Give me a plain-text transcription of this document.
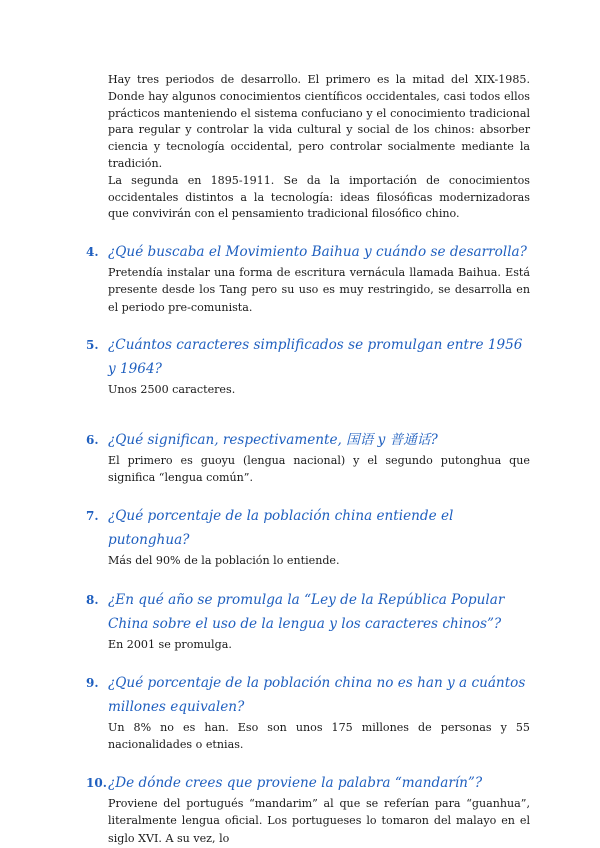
Hay tres periodos de desarrollo. El primero es la mitad del XIX-1985. Donde hay algunos conocimientos científicos occidentales, casi todos ellos prácticos manteniendo el sistema confuciano y el conocimiento tradicional para regular y controlar la vida cultural y social de los chinos: absorber ciencia y tecnología occidental, pero controlar socialmente mediante la tradición.

La segunda en 1895-1911. Se da la importación de conocimientos occidentales distintos a la tecnología: ideas filosóficas modernizadoras que convivirán con el pensamiento tradicional filosófico chino.

4. ¿Qué buscaba el Movimiento Baihua y cuándo se desarrolla?

Pretendía instalar una forma de escritura vernácula llamada Baihua. Está presente desde los Tang pero su uso es muy restringido, se desarrolla en el periodo pre-comunista.

5. ¿Cuántos caracteres simplificados se promulgan entre 1956 y 1964?

Unos 2500 caracteres.

6. ¿Qué significan, respectivamente, 国语 y 普通话?

El primero es guoyu (lengua nacional) y el segundo putonghua que significa “lengua común”.

7. ¿Qué porcentaje de la población china entiende el putonghua?

Más del 90% de la población lo entiende.

8. ¿En qué año se promulga la “Ley de la República Popular China sobre el uso de la lengua y los caracteres chinos”?

En 2001 se promulga.

9. ¿Qué porcentaje de la población china no es han y a cuántos millones equivalen?

Un 8% no es han. Eso son unos 175 millones de personas y 55 nacionalidades o etnias.

10. ¿De dónde crees que proviene la palabra “mandarín”?

Proviene del portugués “mandarim” al que se referían para “guanhua”, literalmente lengua oficial. Los portugueses lo tomaron del malayo en el siglo XVI. A su vez, lo
